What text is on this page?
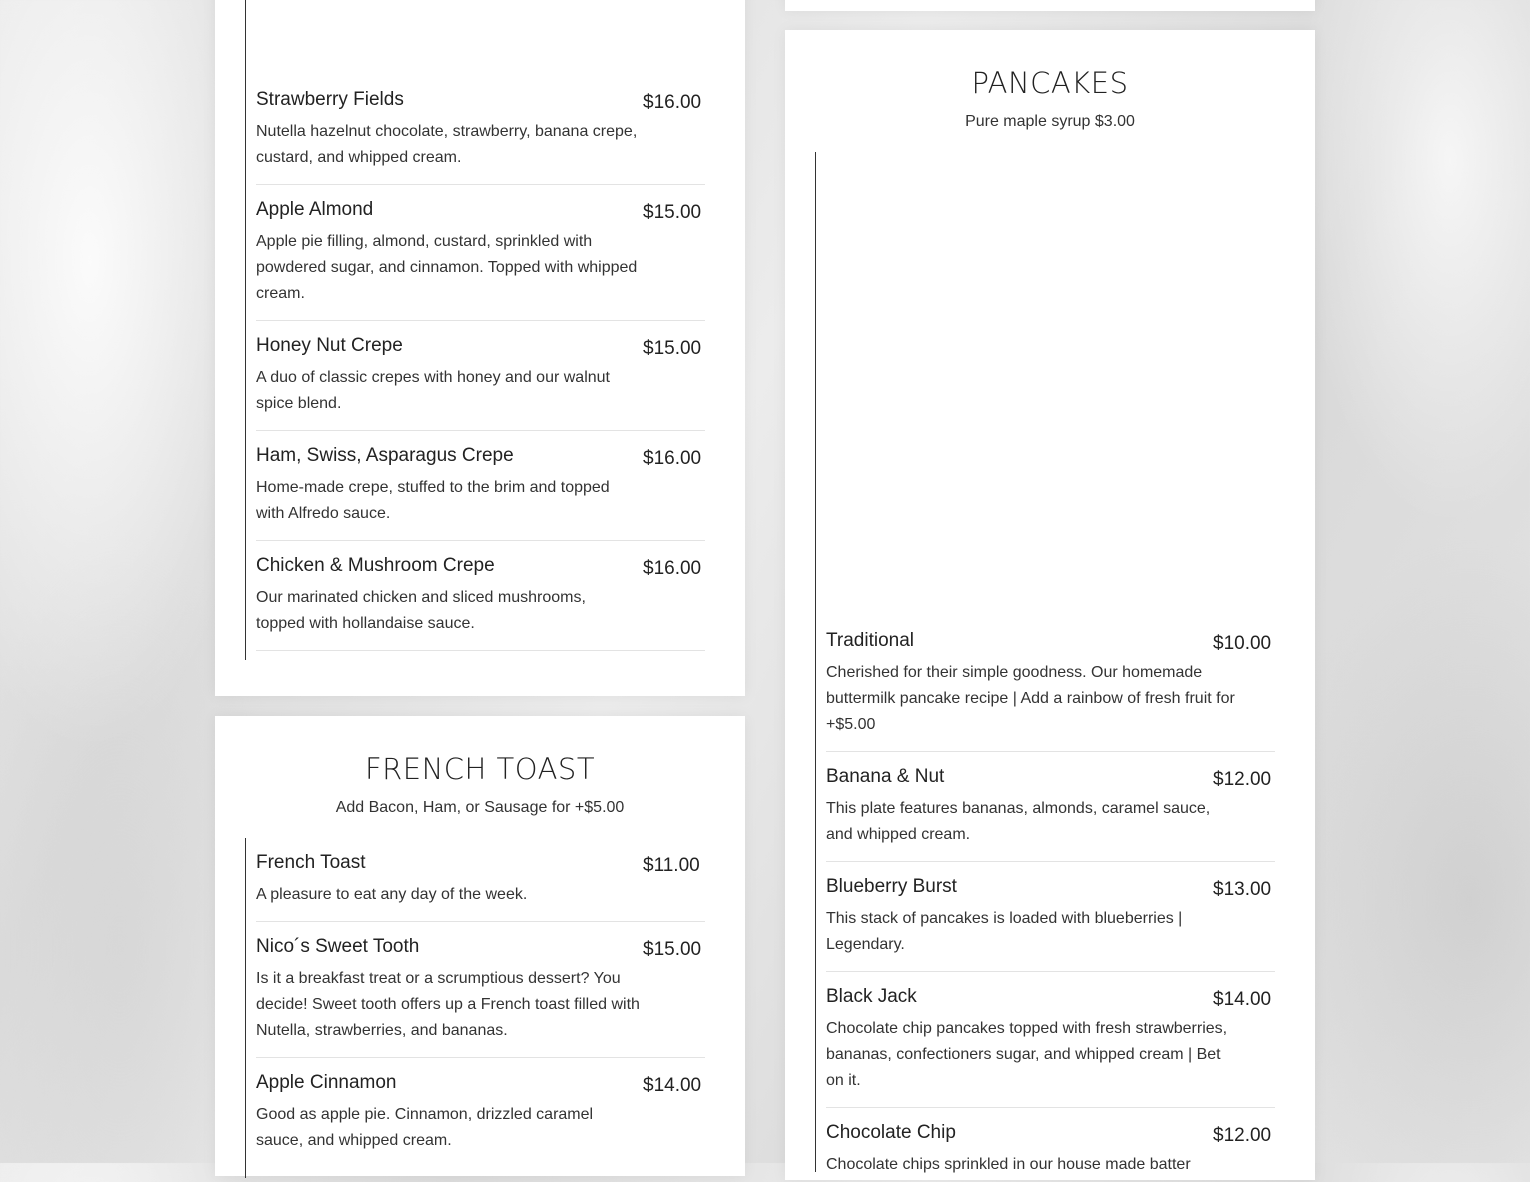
Strawberry Fields	$16.00

Nutella hazelnut chocolate, strawberry, banana crepe, custard, and whipped cream.

Apple Almond	$15.00

Apple pie filling, almond, custard, sprinkled with powdered sugar, and cinnamon. Topped with whipped cream.

Honey Nut Crepe	$15.00

A duo of classic crepes with honey and our walnut spice blend.

Ham, Swiss, Asparagus Crepe	$16.00

Home-made crepe, stuffed to the brim and topped with Alfredo sauce.

Chicken & Mushroom Crepe	$16.00

Our marinated chicken and sliced mushrooms, topped with hollandaise sauce.

FRENCH TOAST
Add Bacon, Ham, or Sausage for +$5.00
French Toast	$11.00

A pleasure to eat any day of the week.

Nico´s Sweet Tooth	$15.00

Is it a breakfast treat or a scrumptious dessert? You decide! Sweet tooth offers up a French toast filled with Nutella, strawberries, and bananas.

Apple Cinnamon	$14.00

Good as apple pie. Cinnamon, drizzled caramel sauce, and whipped cream.

PANCAKES
Pure maple syrup $3.00
Traditional	$10.00

Cherished for their simple goodness. Our homemade buttermilk pancake recipe | Add a rainbow of fresh fruit for +$5.00

Banana & Nut	$12.00

This plate features bananas, almonds, caramel sauce, and whipped cream.

Blueberry Burst	$13.00

This stack of pancakes is loaded with blueberries | Legendary.

Black Jack	$14.00

Chocolate chip pancakes topped with fresh strawberries, bananas, confectioners sugar, and whipped cream | Bet on it.

Chocolate Chip	$12.00

Chocolate chips sprinkled in our house made batter
